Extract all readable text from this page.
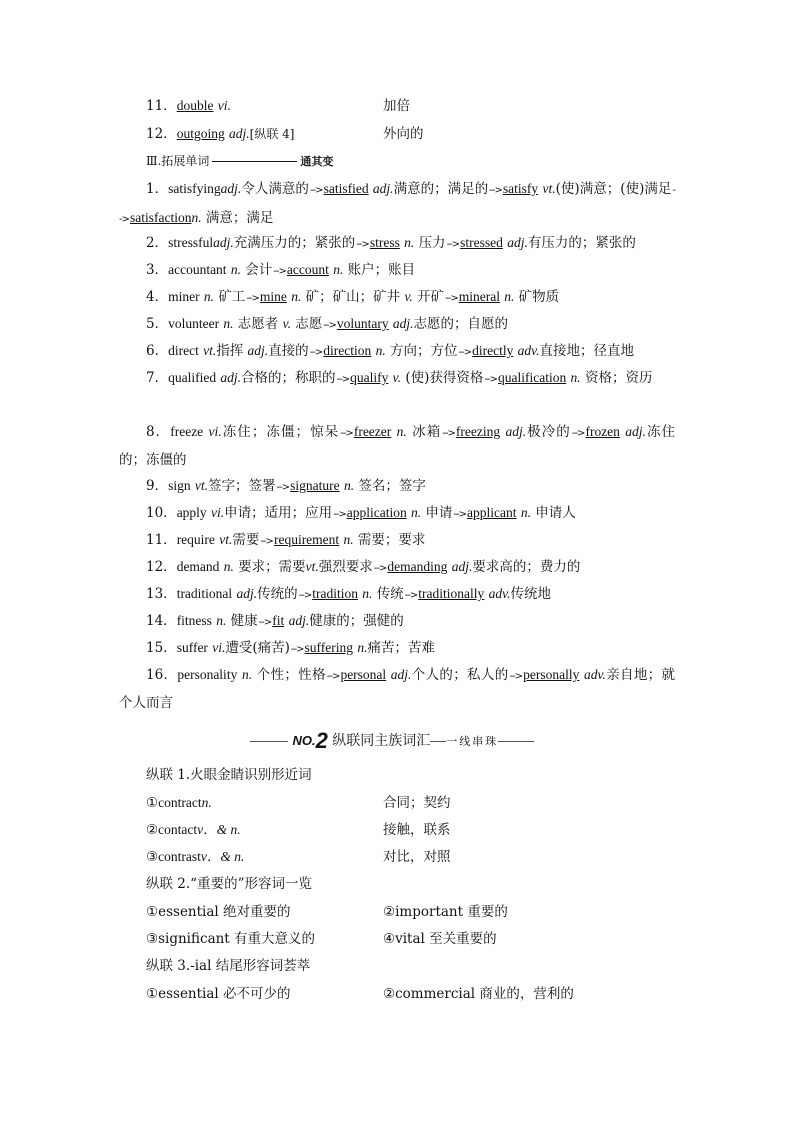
11．double vi.	加倍
12．outgoing adj.[纵联 4]	外向的
Ⅲ.拓展单词	通其变
1．satisfyingadj.令人满意的-->satisfied adj.满意的；满足的-->satisfy vt.(使)满意；(使)满足-->satisfactionn. 满意；满足
2．stressfuladj.充满压力的；紧张的-->stress n. 压力-->stressed adj.有压力的；紧张的
3．accountant n. 会计-->account n. 账户；账目
4．miner n. 矿工-->mine n. 矿；矿山；矿井 v. 开矿-->mineral n. 矿物质
5．volunteer n. 志愿者 v. 志愿-->voluntary adj.志愿的；自愿的
6．direct vt.指挥 adj.直接的-->direction n. 方向；方位-->directly adv.直接地；径直地
7．qualified adj.合格的；称职的-->qualify v. (使)获得资格-->qualification n. 资格；资历
8．freeze vi.冻住；冻僵；惊呆-->freezer n. 冰箱-->freezing adj.极冷的-->frozen adj.冻住的；冻僵的
9．sign vt.签字；签署-->signature n. 签名；签字
10．apply vi.申请；适用；应用-->application n. 申请-->applicant n. 申请人
11．require vt.需要-->requirement n. 需要；要求
12．demand n. 要求；需要vt.强烈要求-->demanding adj.要求高的；费力的
13．traditional adj.传统的-->tradition n. 传统-->traditionally adv.传统地
14．fitness n. 健康-->fit adj.健康的；强健的
15．suffer vi.遭受(痛苦)-->suffering n.痛苦；苦难
16．personality n. 个性；性格-->personal adj.个人的；私人的-->personally adv.亲自地；就个人而言
NO.2 纵联同主族词汇 一线串珠
纵联 1.火眼金睛识别形近词
①contractn.	合同；契约
②contactv．& n.	接触，联系
③contrastv．& n.	对比，对照
纵联 2.“重要的”形容词一览
①essential 绝对重要的	②important 重要的
③significant 有重大意义的	④vital 至关重要的
纵联 3.-ial 结尾形容词荟萃
①essential 必不可少的	②commercial 商业的，营利的
